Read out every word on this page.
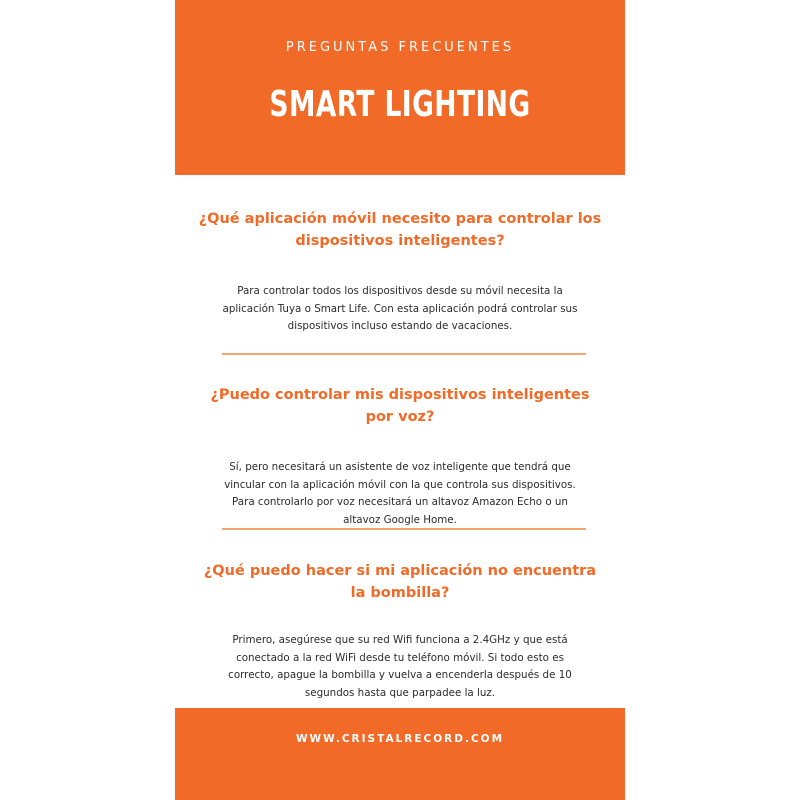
PREGUNTAS FRECUENTES
SMART LIGHTING
¿Qué aplicación móvil necesito para controlar los dispositivos inteligentes?
Para controlar todos los dispositivos desde su móvil necesita la aplicación Tuya o Smart Life. Con esta aplicación podrá controlar sus dispositivos incluso estando de vacaciones.
¿Puedo controlar mis dispositivos inteligentes por voz?
Sí, pero necesitará un asistente de voz inteligente que tendrá que vincular con la aplicación móvil con la que controla sus dispositivos. Para controlarlo por voz necesitará un altavoz Amazon Echo o un altavoz Google Home.
¿Qué puedo hacer si mi aplicación no encuentra la bombilla?
Primero, asegúrese que su red Wifi funciona a 2.4GHz y que está conectado a la red WiFi desde tu teléfono móvil. Si todo esto es correcto, apague la bombilla y vuelva a encenderla después de 10 segundos hasta que parpadee la luz.
WWW.CRISTALRECORD.COM
